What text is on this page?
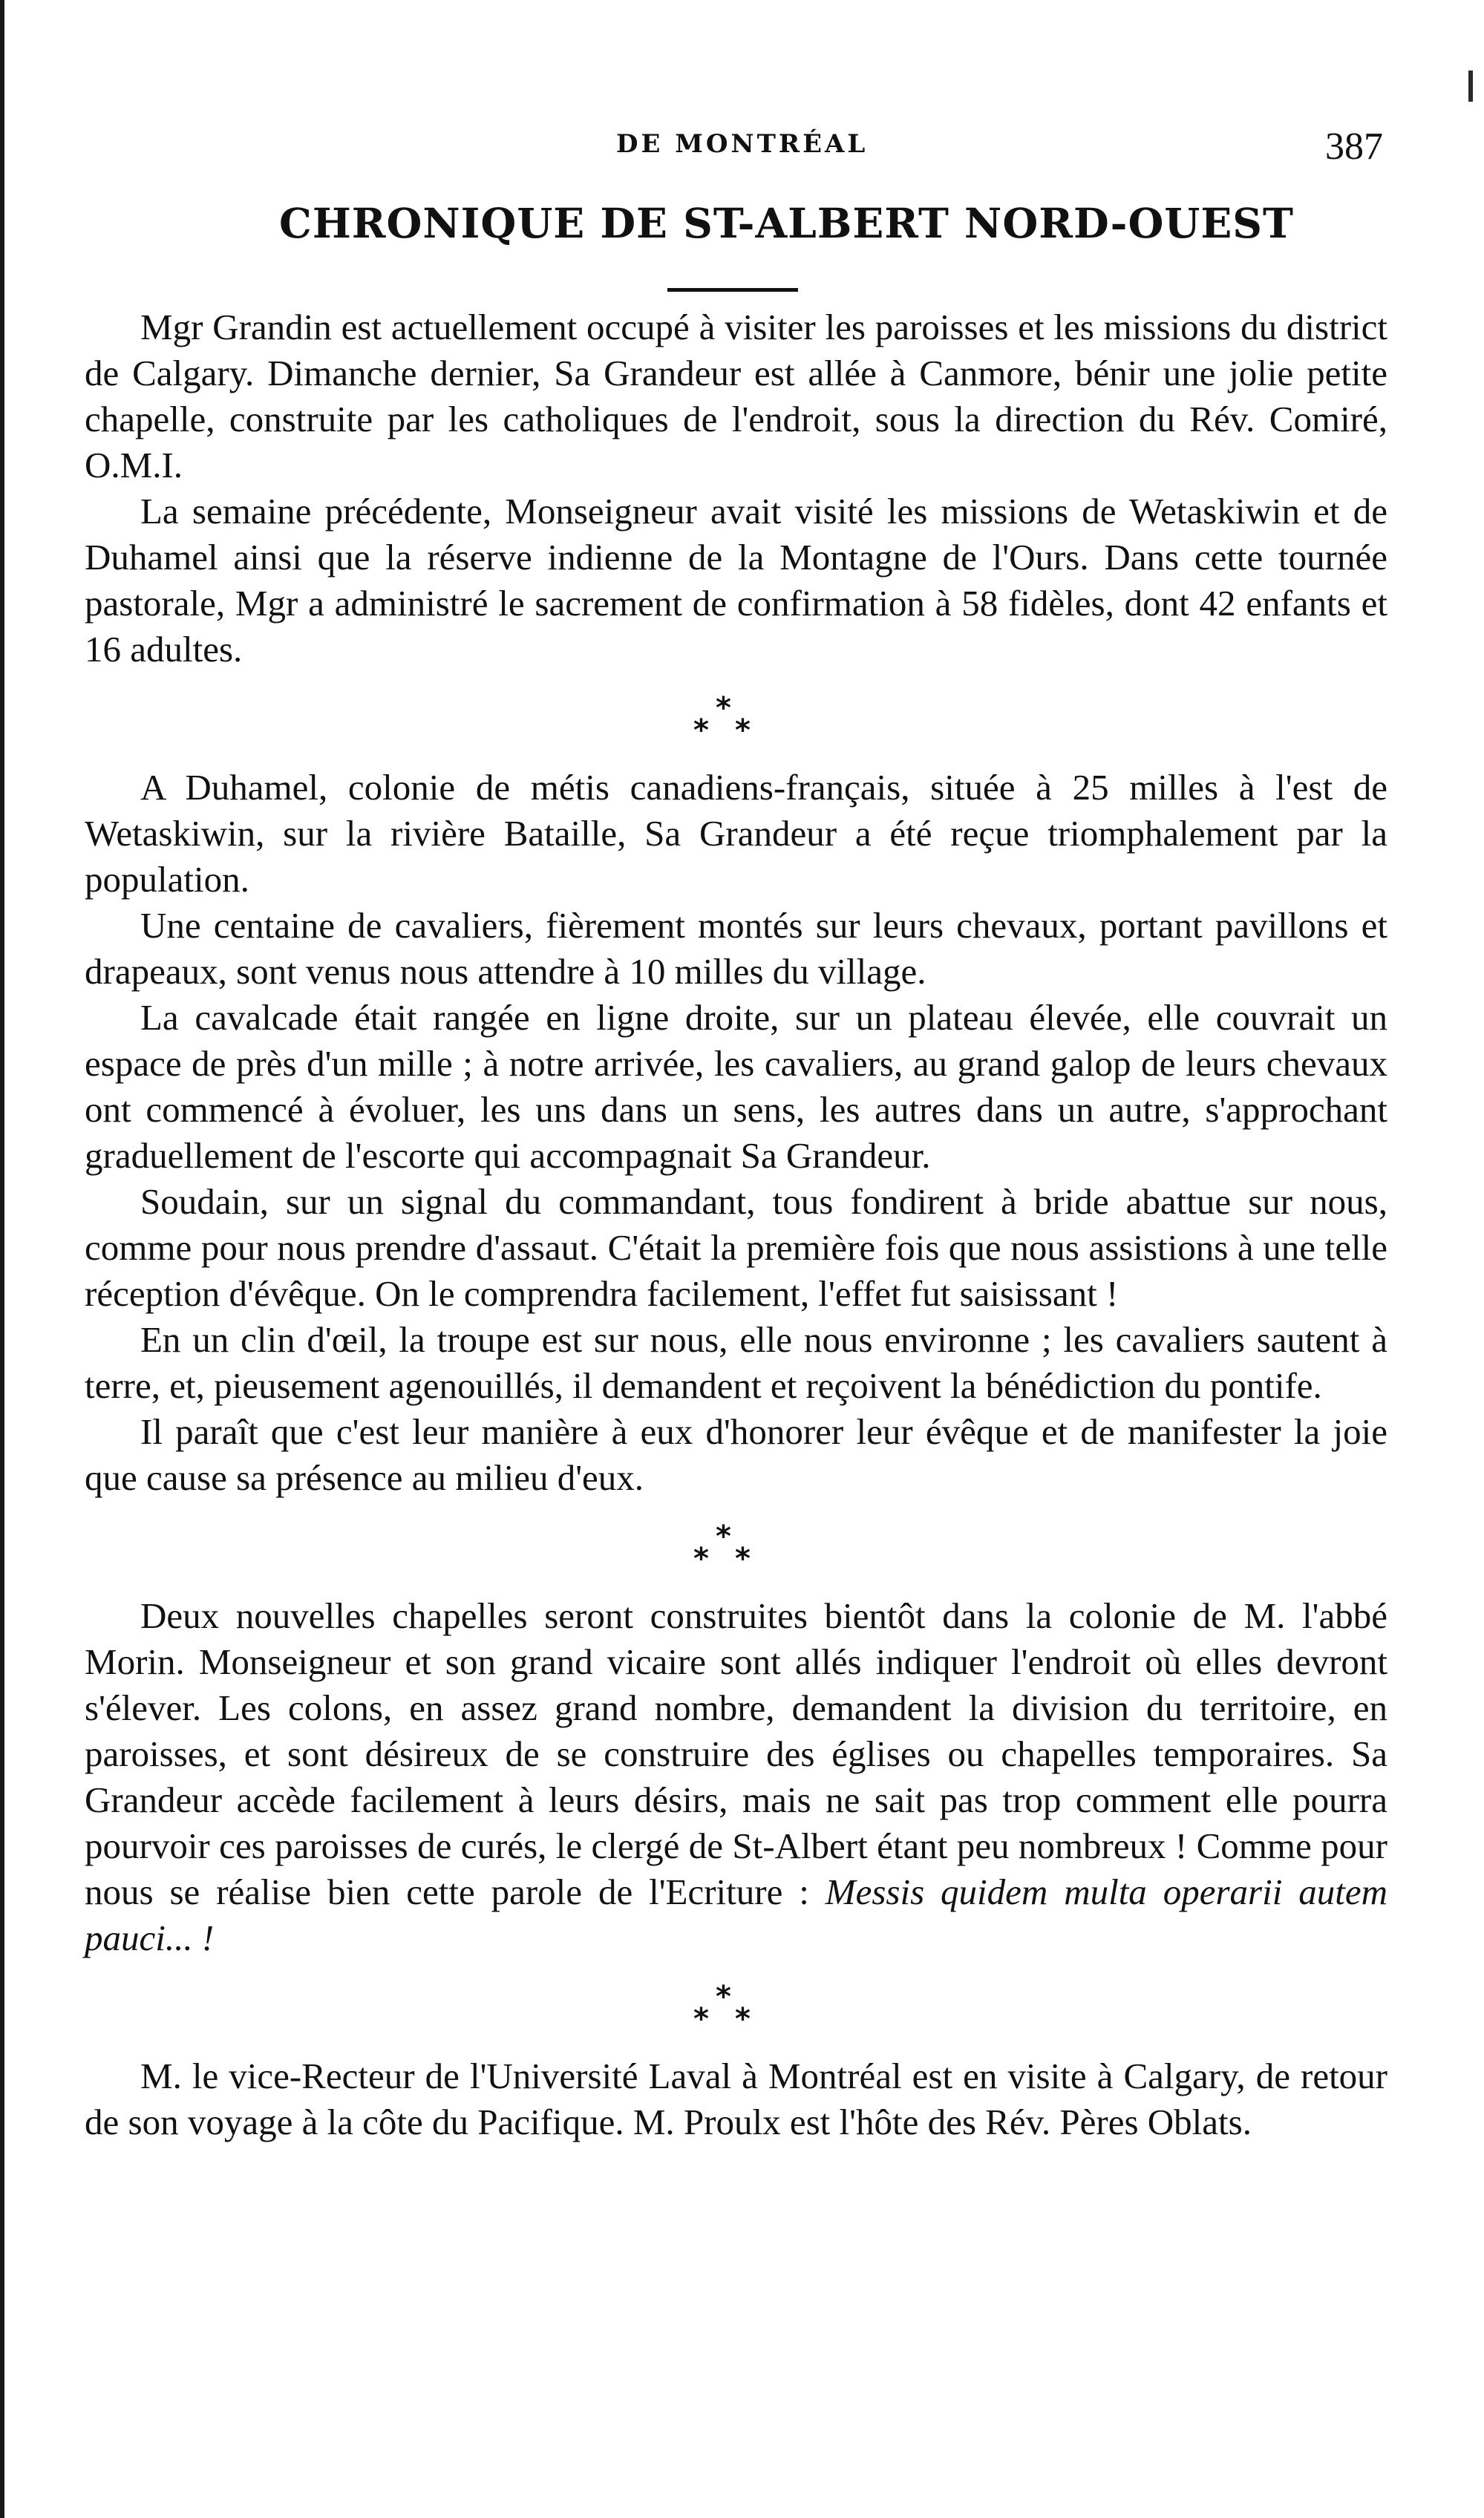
DE MONTRÉAL	387
CHRONIQUE DE ST-ALBERT NORD-OUEST

Mgr Grandin est actuellement occupé à visiter les paroisses et les missions du district de Calgary. Dimanche dernier, Sa Grandeur est allée à Canmore, bénir une jolie petite chapelle, construite par les catholiques de l'endroit, sous la direction du Rév. Comiré, O.M.I.

La semaine précédente, Monseigneur avait visité les missions de Wetaskiwin et de Duhamel ainsi que la réserve indienne de la Montagne de l'Ours. Dans cette tournée pastorale, Mgr a administré le sacrement de confirmation à 58 fidèles, dont 42 enfants et 16 adultes.

*
* *

A Duhamel, colonie de métis canadiens-français, située à 25 milles à l'est de Wetaskiwin, sur la rivière Bataille, Sa Grandeur a été reçue triomphalement par la population.

Une centaine de cavaliers, fièrement montés sur leurs chevaux, portant pavillons et drapeaux, sont venus nous attendre à 10 milles du village.

La cavalcade était rangée en ligne droite, sur un plateau élevée, elle couvrait un espace de près d'un mille ; à notre arrivée, les cavaliers, au grand galop de leurs chevaux ont commencé à évoluer, les uns dans un sens, les autres dans un autre, s'approchant graduellement de l'escorte qui accompagnait Sa Grandeur.

Soudain, sur un signal du commandant, tous fondirent à bride abattue sur nous, comme pour nous prendre d'assaut. C'était la première fois que nous assistions à une telle réception d'évêque. On le comprendra facilement, l'effet fut saisissant !

En un clin d'œil, la troupe est sur nous, elle nous environne ; les cavaliers sautent à terre, et, pieusement agenouillés, il demandent et reçoivent la bénédiction du pontife.

Il paraît que c'est leur manière à eux d'honorer leur évêque et de manifester la joie que cause sa présence au milieu d'eux.

*
* *

Deux nouvelles chapelles seront construites bientôt dans la colonie de M. l'abbé Morin. Monseigneur et son grand vicaire sont allés indiquer l'endroit où elles devront s'élever. Les colons, en assez grand nombre, demandent la division du territoire, en paroisses, et sont désireux de se construire des églises ou chapelles temporaires. Sa Grandeur accède facilement à leurs désirs, mais ne sait pas trop comment elle pourra pourvoir ces paroisses de curés, le clergé de St-Albert étant peu nombreux ! Comme pour nous se réalise bien cette parole de l'Ecriture : Messis quidem multa operarii autem pauci... !

*
* *

M. le vice-Recteur de l'Université Laval à Montréal est en visite à Calgary, de retour de son voyage à la côte du Pacifique. M. Proulx est l'hôte des Rév. Pères Oblats.
